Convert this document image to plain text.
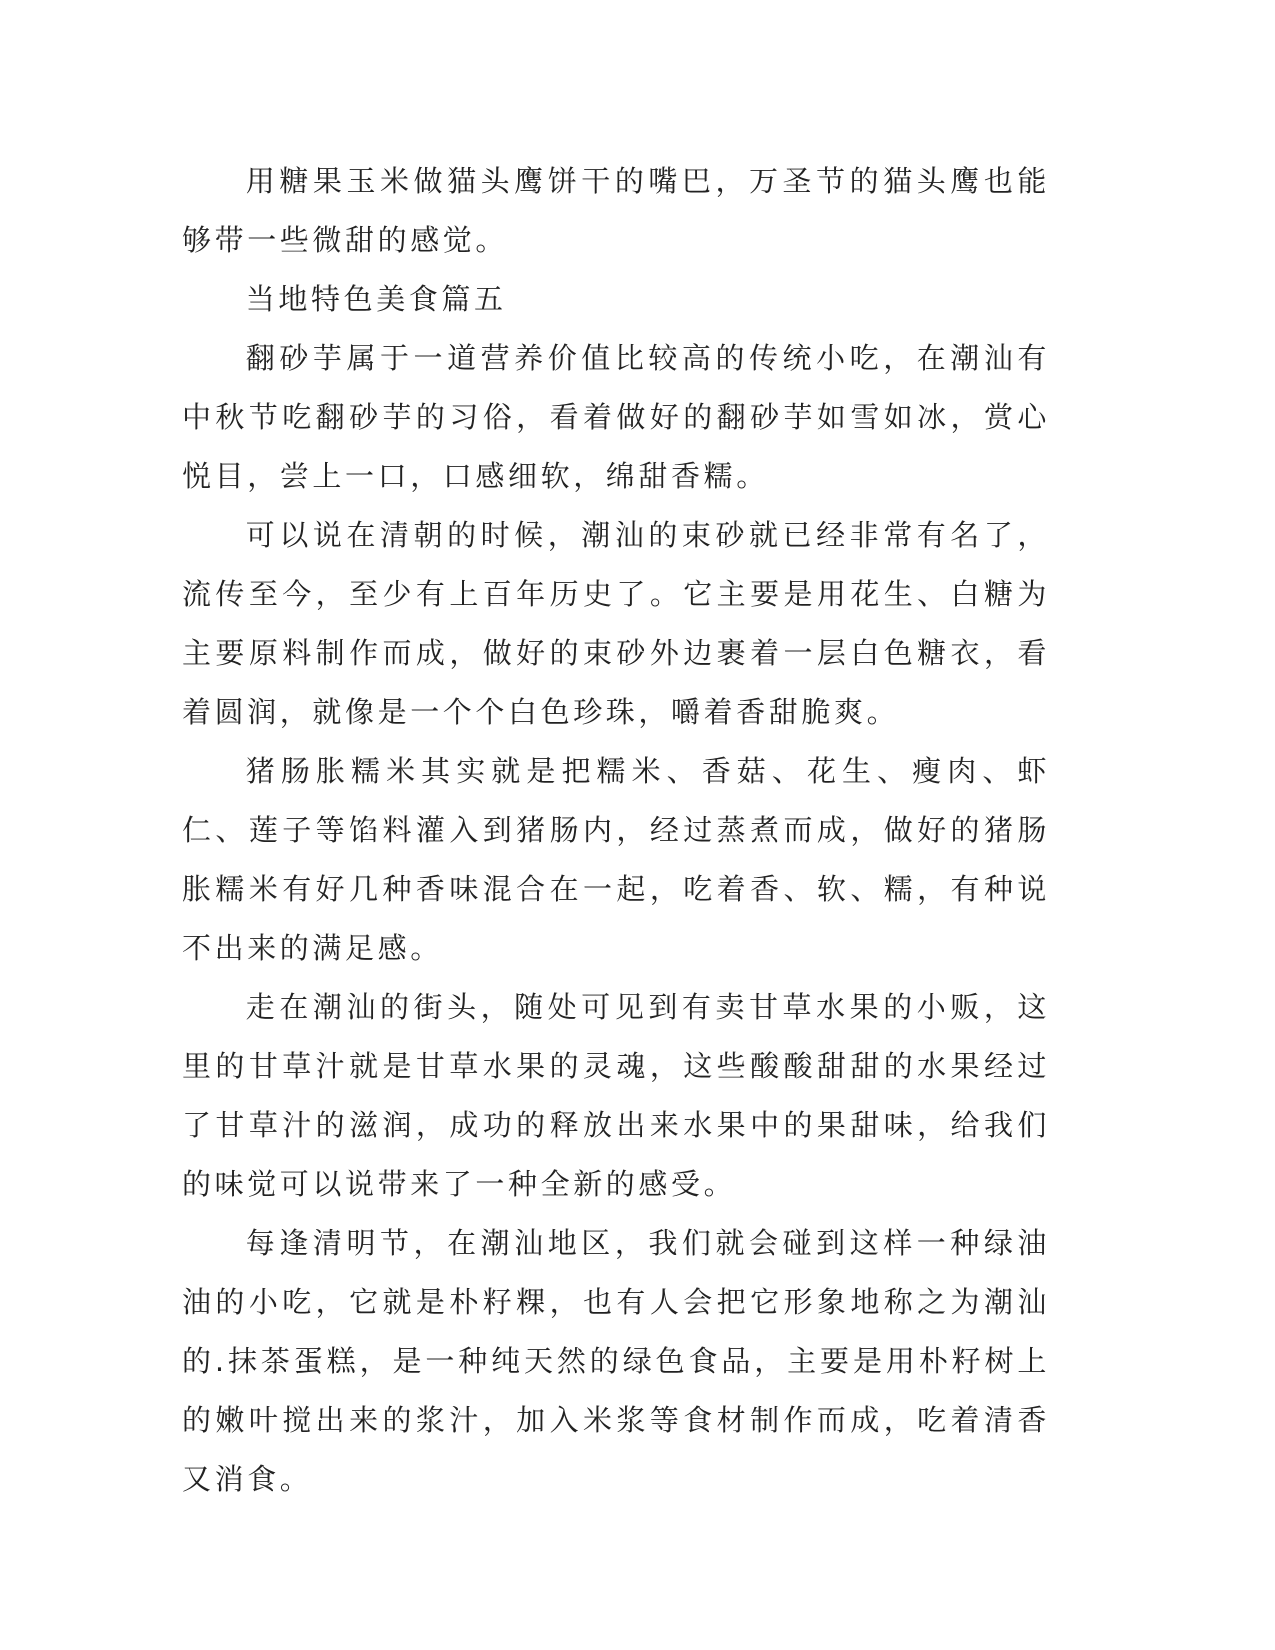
用糖果玉米做猫头鹰饼干的嘴巴，万圣节的猫头鹰也能够带一些微甜的感觉。

当地特色美食篇五

翻砂芋属于一道营养价值比较高的传统小吃，在潮汕有中秋节吃翻砂芋的习俗，看着做好的翻砂芋如雪如冰，赏心悦目，尝上一口，口感细软，绵甜香糯。

可以说在清朝的时候，潮汕的束砂就已经非常有名了，流传至今，至少有上百年历史了。它主要是用花生、白糖为主要原料制作而成，做好的束砂外边裹着一层白色糖衣，看着圆润，就像是一个个白色珍珠，嚼着香甜脆爽。

猪肠胀糯米其实就是把糯米、香菇、花生、瘦肉、虾仁、莲子等馅料灌入到猪肠内，经过蒸煮而成，做好的猪肠胀糯米有好几种香味混合在一起，吃着香、软、糯，有种说不出来的满足感。

走在潮汕的街头，随处可见到有卖甘草水果的小贩，这里的甘草汁就是甘草水果的灵魂，这些酸酸甜甜的水果经过了甘草汁的滋润，成功的释放出来水果中的果甜味，给我们的味觉可以说带来了一种全新的感受。

每逢清明节，在潮汕地区，我们就会碰到这样一种绿油油的小吃，它就是朴籽粿，也有人会把它形象地称之为潮汕的.抹茶蛋糕，是一种纯天然的绿色食品，主要是用朴籽树上的嫩叶搅出来的浆汁，加入米浆等食材制作而成，吃着清香又消食。
